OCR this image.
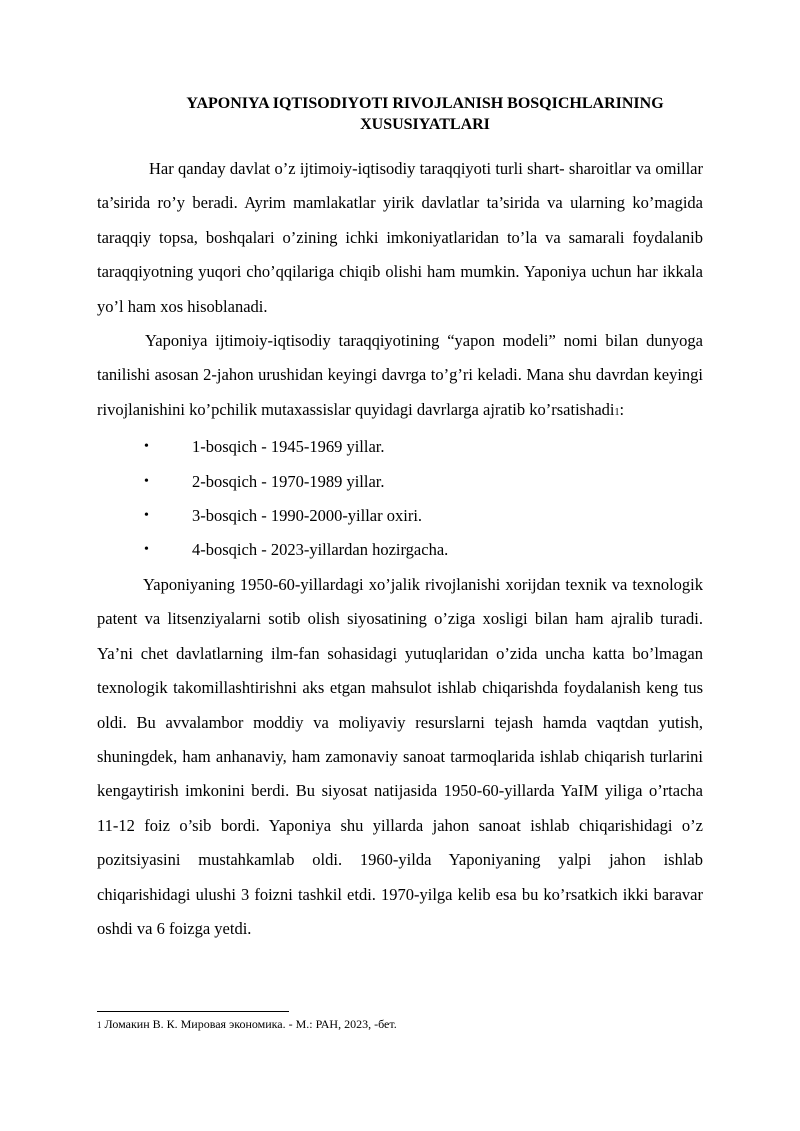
YAPONIYA IQTISODIYOTI RIVOJLANISH BOSQICHLARINING
XUSUSIYATLARI

Har qanday davlat o’z ijtimoiy-iqtisodiy taraqqiyoti turli shart- sharoitlar va omillar ta’sirida ro’y beradi. Ayrim mamlakatlar yirik davlatlar ta’sirida va ularning ko’magida taraqqiy topsa, boshqalari o’zining ichki imkoniyatlaridan to’la va samarali foydalanib taraqqiyotning yuqori cho’qqilariga chiqib olishi ham mumkin. Yaponiya uchun har ikkala yo’l ham xos hisoblanadi.

Yaponiya ijtimoiy-iqtisodiy taraqqiyotining “yapon modeli” nomi bilan dunyoga tanilishi asosan 2-jahon urushidan keyingi davrga to’g’ri keladi. Mana shu davrdan keyingi rivojlanishini ko’pchilik mutaxassislar quyidagi davrlarga ajratib ko’rsatishadi1:

•	1-bosqich - 1945-1969 yillar.
•	2-bosqich - 1970-1989 yillar.
•	3-bosqich - 1990-2000-yillar oxiri.
•	4-bosqich - 2023-yillardan hozirgacha.

Yaponiyaning 1950-60-yillardagi xo’jalik rivojlanishi xorijdan texnik va texnologik patent va litsenziyalarni sotib olish siyosatining o’ziga xosligi bilan ham ajralib turadi. Ya’ni chet davlatlarning ilm-fan sohasidagi yutuqlaridan o’zida uncha katta bo’lmagan texnologik takomillashtirishni aks etgan mahsulot ishlab chiqarishda foydalanish keng tus oldi. Bu avvalambor moddiy va moliyaviy resurslarni tejash hamda vaqtdan yutish, shuningdek, ham anhanaviy, ham zamonaviy sanoat tarmoqlarida ishlab chiqarish turlarini kengaytirish imkonini berdi. Bu siyosat natijasida 1950-60-yillarda YaIM yiliga o’rtacha 11-12 foiz o’sib bordi. Yaponiya shu yillarda jahon sanoat ishlab chiqarishidagi o’z pozitsiyasini mustahkamlab oldi. 1960-yilda Yaponiyaning yalpi jahon ishlab chiqarishidagi ulushi 3 foizni tashkil etdi. 1970-yilga kelib esa bu ko’rsatkich ikki baravar oshdi va 6 foizga yetdi.

1 Ломакин В. К. Мировая экономика. - М.: РАН, 2023, -бет.
